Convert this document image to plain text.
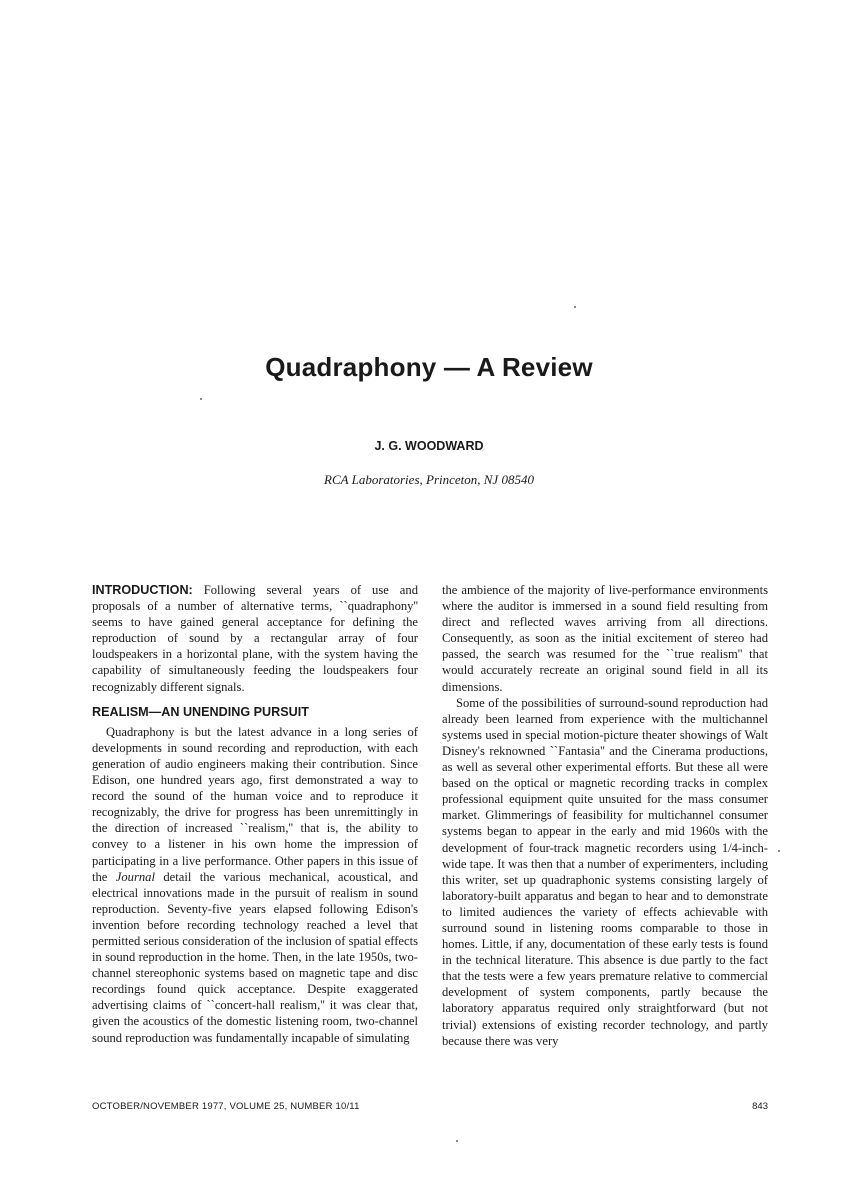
Quadraphony — A Review
J. G. WOODWARD
RCA Laboratories, Princeton, NJ 08540

INTRODUCTION: Following several years of use and proposals of a number of alternative terms, ``quadraphony'' seems to have gained general acceptance for defining the reproduction of sound by a rectangular array of four loudspeakers in a horizontal plane, with the system having the capability of simultaneously feeding the loudspeakers four recognizably different signals.

REALISM—AN UNENDING PURSUIT

Quadraphony is but the latest advance in a long series of developments in sound recording and reproduction, with each generation of audio engineers making their contribution. Since Edison, one hundred years ago, first demonstrated a way to record the sound of the human voice and to reproduce it recognizably, the drive for progress has been unremittingly in the direction of increased ``realism,'' that is, the ability to convey to a listener in his own home the impression of participating in a live performance. Other papers in this issue of the Journal detail the various mechanical, acoustical, and electrical innovations made in the pursuit of realism in sound reproduction. Seventy-five years elapsed following Edison's invention before recording technology reached a level that permitted serious consideration of the inclusion of spatial effects in sound reproduction in the home. Then, in the late 1950s, two-channel stereophonic systems based on magnetic tape and disc recordings found quick acceptance. Despite exaggerated advertising claims of ``concert-hall realism,'' it was clear that, given the acoustics of the domestic listening room, two-channel sound reproduction was fundamentally incapable of simulating

the ambience of the majority of live-performance environments where the auditor is immersed in a sound field resulting from direct and reflected waves arriving from all directions. Consequently, as soon as the initial excitement of stereo had passed, the search was resumed for the ``true realism'' that would accurately recreate an original sound field in all its dimensions.

Some of the possibilities of surround-sound reproduction had already been learned from experience with the multichannel systems used in special motion-picture theater showings of Walt Disney's reknowned ``Fantasia'' and the Cinerama productions, as well as several other experimental efforts. But these all were based on the optical or magnetic recording tracks in complex professional equipment quite unsuited for the mass consumer market. Glimmerings of feasibility for multichannel consumer systems began to appear in the early and mid 1960s with the development of four-track magnetic recorders using 1/4-inch-wide tape. It was then that a number of experimenters, including this writer, set up quadraphonic systems consisting largely of laboratory-built apparatus and began to hear and to demonstrate to limited audiences the variety of effects achievable with surround sound in listening rooms comparable to those in homes. Little, if any, documentation of these early tests is found in the technical literature. This absence is due partly to the fact that the tests were a few years premature relative to commercial development of system components, partly because the laboratory apparatus required only straightforward (but not trivial) extensions of existing recorder technology, and partly because there was very

OCTOBER/NOVEMBER 1977, VOLUME 25, NUMBER 10/11	843
